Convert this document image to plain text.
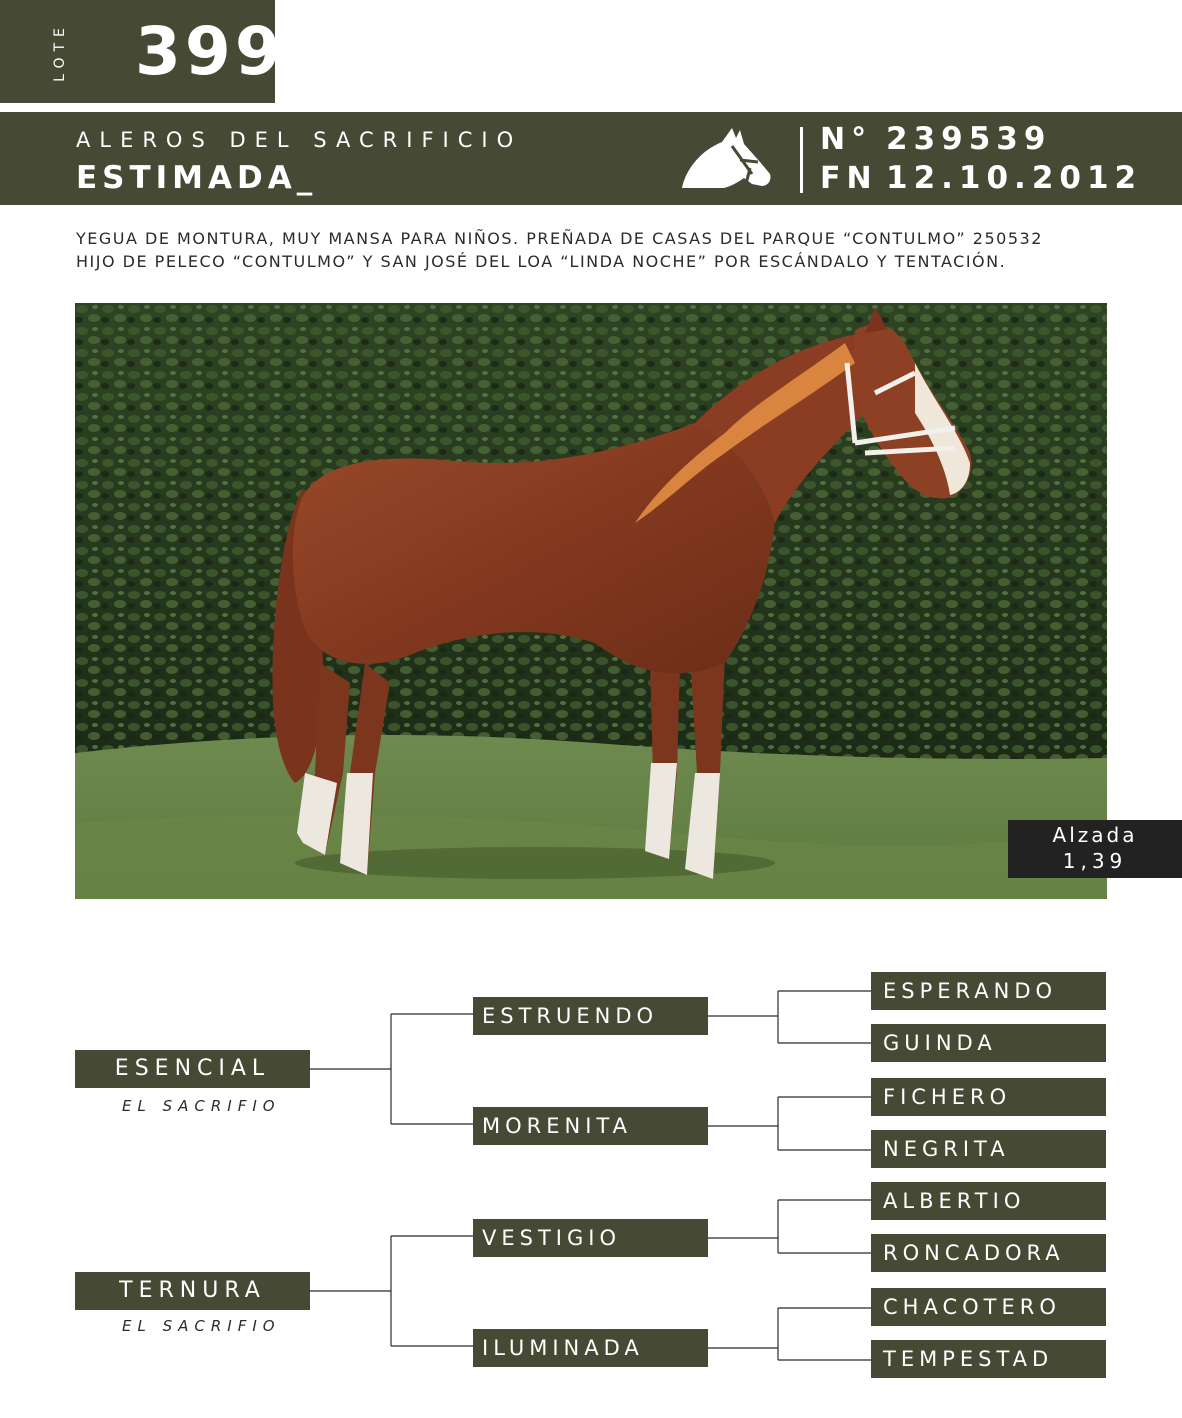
LOTE 399
ALEROS DEL SACRIFICIO
ESTIMADA_
N° 239539
FN 12.10.2012
YEGUA DE MONTURA, MUY MANSA PARA NIÑOS. PREÑADA DE CASAS DEL PARQUE “CONTULMO” 250532
HIJO DE PELECO “CONTULMO” Y SAN JOSÉ DEL LOA “LINDA NOCHE” POR ESCÁNDALO Y TENTACIÓN.
Alzada
1,39
ESENCIAL
EL SACRIFIO
TERNURA
EL SACRIFIO
ESTRUENDO
MORENITA
VESTIGIO
ILUMINADA
ESPERANDO
GUINDA
FICHERO
NEGRITA
ALBERTIO
RONCADORA
CHACOTERO
TEMPESTAD
